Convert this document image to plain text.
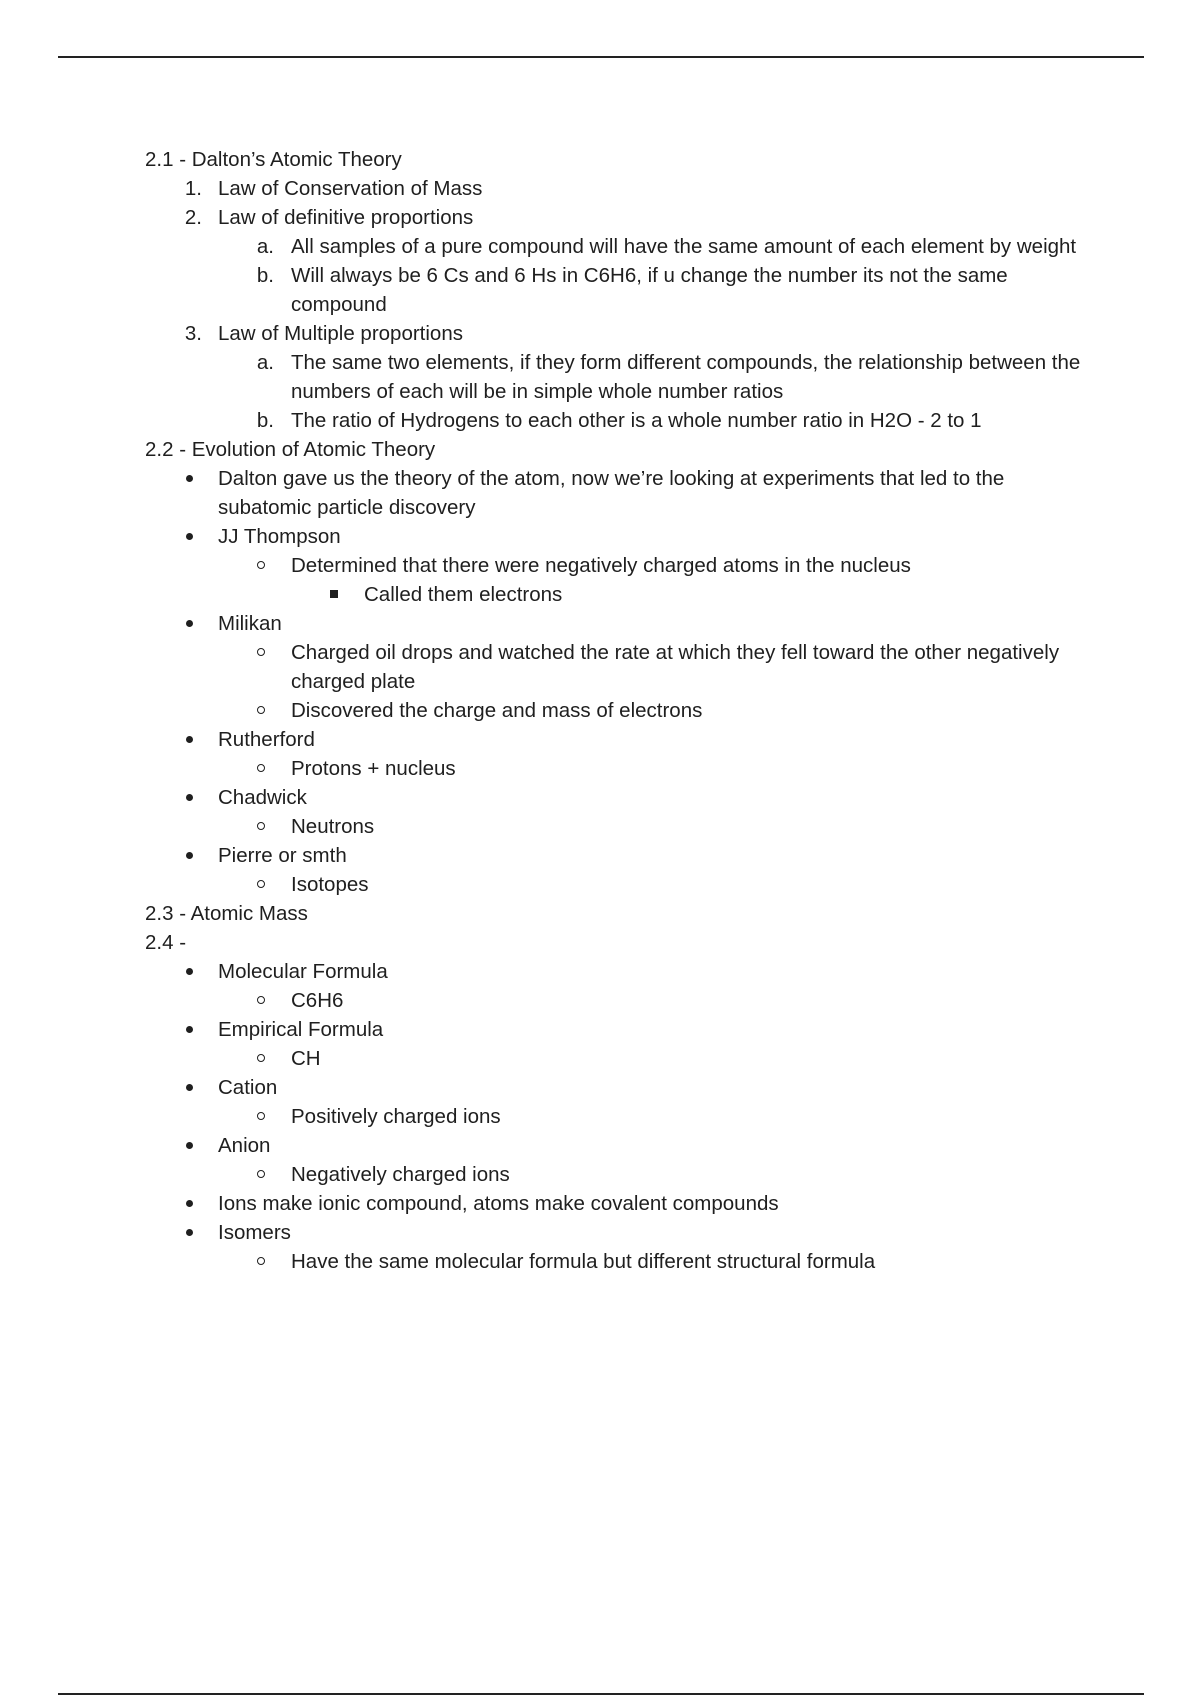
2.1 - Dalton’s Atomic Theory
1. Law of Conservation of Mass
2. Law of definitive proportions
a. All samples of a pure compound will have the same amount of each element by weight
b. Will always be 6 Cs and 6 Hs in C6H6, if u change the number its not the same compound
3. Law of Multiple proportions
a. The same two elements, if they form different compounds, the relationship between the numbers of each will be in simple whole number ratios
b. The ratio of Hydrogens to each other is a whole number ratio in H2O - 2 to 1
2.2 - Evolution of Atomic Theory
Dalton gave us the theory of the atom, now we’re looking at experiments that led to the subatomic particle discovery
JJ Thompson
Determined that there were negatively charged atoms in the nucleus
Called them electrons
Milikan
Charged oil drops and watched the rate at which they fell toward the other negatively charged plate
Discovered the charge and mass of electrons
Rutherford
Protons + nucleus
Chadwick
Neutrons
Pierre or smth
Isotopes
2.3 - Atomic Mass
2.4 -
Molecular Formula
C6H6
Empirical Formula
CH
Cation
Positively charged ions
Anion
Negatively charged ions
Ions make ionic compound, atoms make covalent compounds
Isomers
Have the same molecular formula but different structural formula
